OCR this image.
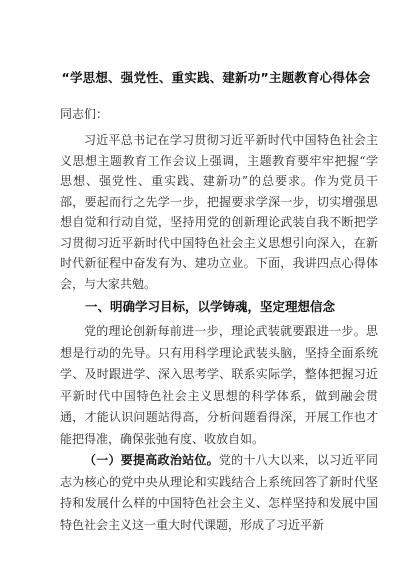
“学思想、强党性、重实践、建新功”主题教育心得体会
同志们：

习近平总书记在学习贯彻习近平新时代中国特色社会主义思想主题教育工作会议上强调，主题教育要牢牢把握“学思想、强党性、重实践、建新功”的总要求。作为党员干部，要起而行之先学一步，把握要求学深一步，切实增强思想自觉和行动自觉，坚持用党的创新理论武装自我不断把学习贯彻习近平新时代中国特色社会主义思想引向深入，在新时代新征程中奋发有为、建功立业。下面，我讲四点心得体会，与大家共勉。

一、明确学习目标，以学铸魂，坚定理想信念

党的理论创新每前进一步，理论武装就要跟进一步。思想是行动的先导。只有用科学理论武装头脑，坚持全面系统学、及时跟进学、深入思考学、联系实际学，整体把握习近平新时代中国特色社会主义思想的科学体系，做到融会贯通，才能认识问题站得高，分析问题看得深，开展工作也才能把得准，确保张弛有度、收放自如。

（一）要提高政治站位。党的十八大以来，以习近平同志为核心的党中央从理论和实践结合上系统回答了新时代坚持和发展什么样的中国特色社会主义、怎样坚持和发展中国特色社会主义这一重大时代课题，形成了习近平新
